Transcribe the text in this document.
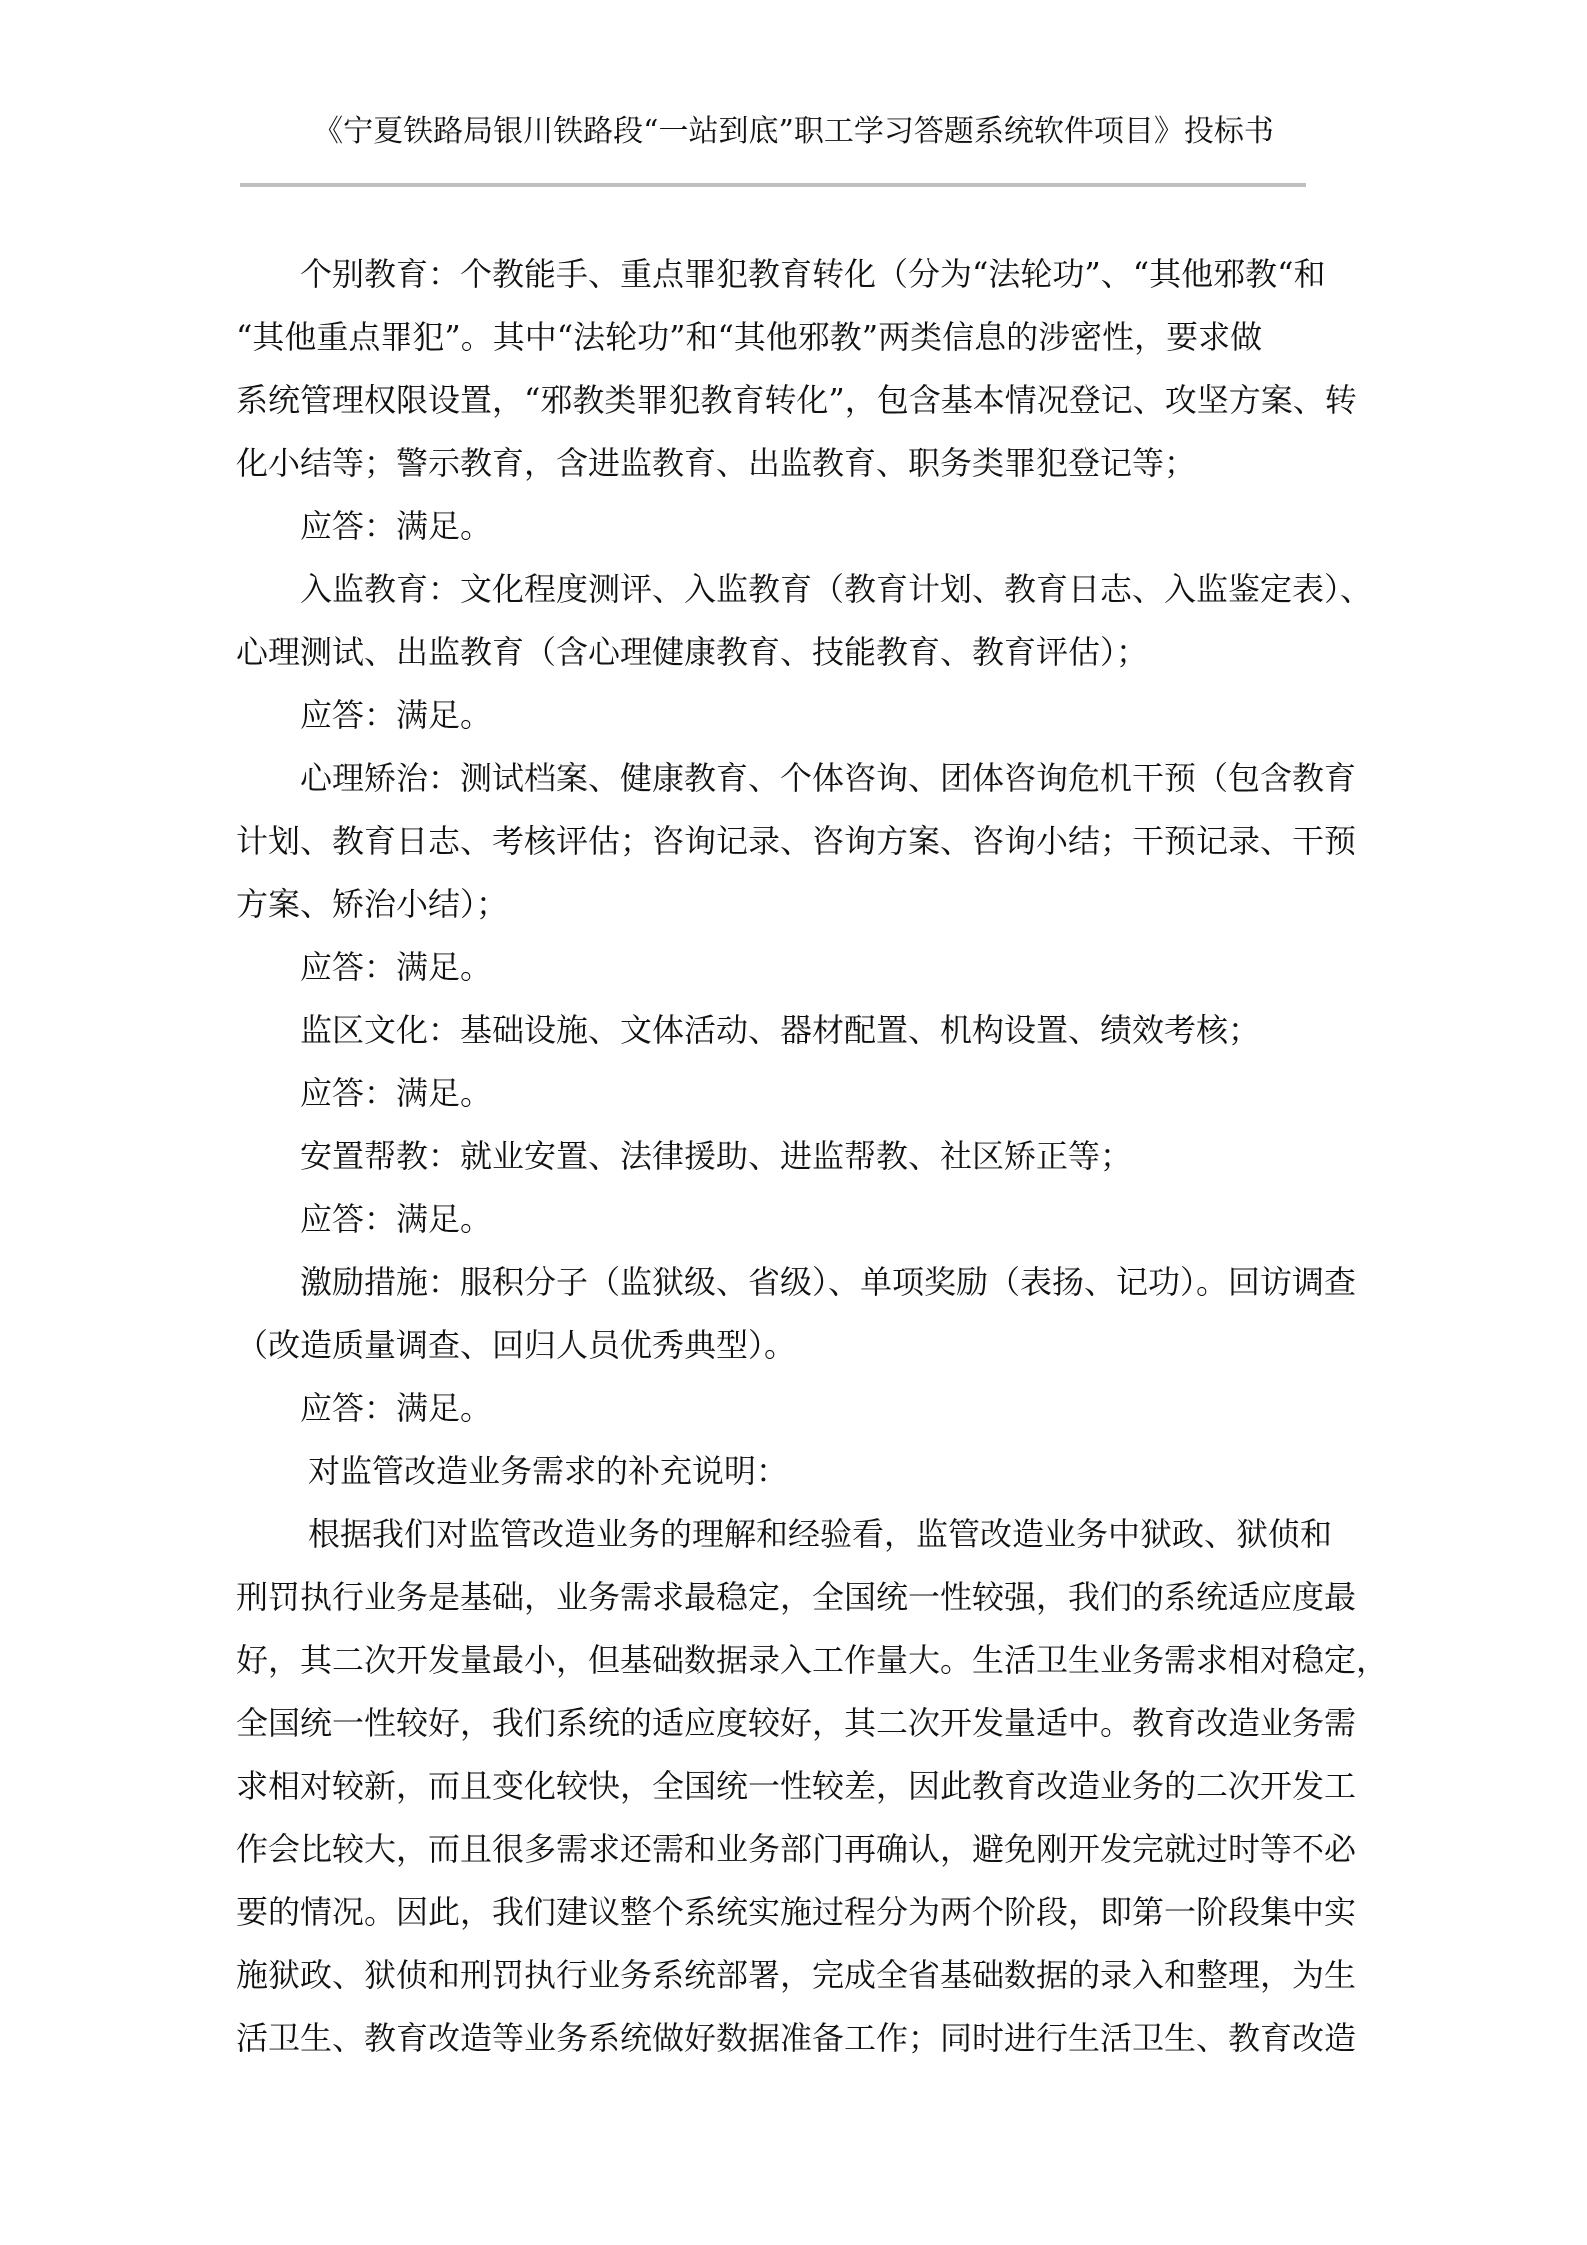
《宁夏铁路局银川铁路段“一站到底”职工学习答题系统软件项目》投标书
个别教育：个教能手、重点罪犯教育转化（分为“法轮功”、“其他邪教“和
“其他重点罪犯”。其中“法轮功”和“其他邪教”两类信息的涉密性，要求做
系统管理权限设置，“邪教类罪犯教育转化”，包含基本情况登记、攻坚方案、转
化小结等；警示教育，含进监教育、出监教育、职务类罪犯登记等；
应答：满足。
入监教育：文化程度测评、入监教育（教育计划、教育日志、入监鉴定表）、
心理测试、出监教育（含心理健康教育、技能教育、教育评估）；
应答：满足。
心理矫治：测试档案、健康教育、个体咨询、团体咨询危机干预（包含教育
计划、教育日志、考核评估；咨询记录、咨询方案、咨询小结；干预记录、干预
方案、矫治小结）；
应答：满足。
监区文化：基础设施、文体活动、器材配置、机构设置、绩效考核；
应答：满足。
安置帮教：就业安置、法律援助、进监帮教、社区矫正等；
应答：满足。
激励措施：服积分子（监狱级、省级）、单项奖励（表扬、记功）。回访调查
（改造质量调查、回归人员优秀典型）。
应答：满足。
对监管改造业务需求的补充说明：
根据我们对监管改造业务的理解和经验看，监管改造业务中狱政、狱侦和
刑罚执行业务是基础，业务需求最稳定，全国统一性较强，我们的系统适应度最
好，其二次开发量最小，但基础数据录入工作量大。生活卫生业务需求相对稳定，
全国统一性较好，我们系统的适应度较好，其二次开发量适中。教育改造业务需
求相对较新，而且变化较快，全国统一性较差，因此教育改造业务的二次开发工
作会比较大，而且很多需求还需和业务部门再确认，避免刚开发完就过时等不必
要的情况。因此，我们建议整个系统实施过程分为两个阶段，即第一阶段集中实
施狱政、狱侦和刑罚执行业务系统部署，完成全省基础数据的录入和整理，为生
活卫生、教育改造等业务系统做好数据准备工作；同时进行生活卫生、教育改造
